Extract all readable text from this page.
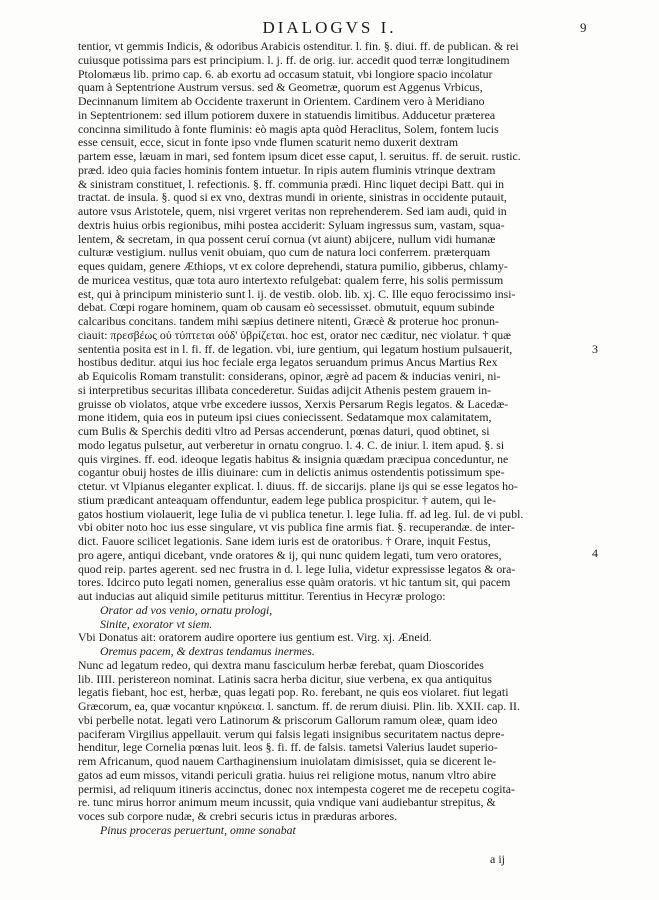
DIALOGVS I.	9
tentior, vt gemmis Indicis, & odoribus Arabicis ostenditur. l. fin. §. diui. ff. de publican. & rei
cuiusque potissima pars est principium. l. j. ff. de orig. iur. accedit quod terræ longitudinem
Ptolomæus lib. primo cap. 6. ab exortu ad occasum statuit, vbi longiore spacio incolatur
quam à Septentrione Austrum versus. sed & Geometræ, quorum est Aggenus Vrbicus,
Decinnanum limitem ab Occidente traxerunt in Orientem. Cardinem vero à Meridiano
in Septentrionem: sed illum potiorem duxere in statuendis limitibus. Adducetur præterea
concinna similitudo à fonte fluminis: eò magis apta quòd Heraclitus, Solem, fontem lucis
esse censuit, ecce, sicut in fonte ipso vnde flumen scaturit nemo duxerit dextram
partem esse, læuam in mari, sed fontem ipsum dicet esse caput, l. seruitus. ff. de seruit. rustic.
præd. ideo quia facies hominis fontem intuetur. In ripis autem fluminis vtrinque dextram
& sinistram constituet, l. refectionis. §. ff. communia prædi. Hinc liquet decipi Batt. qui in
tractat. de insula. §. quod si ex vno, dextras mundi in oriente, sinistras in occidente putauit,
autore vsus Aristotele, quem, nisi vrgeret veritas non reprehenderem. Sed iam audi, quid in
dextris huius orbis regionibus, mihi postea acciderit: Syluam ingressus sum, vastam, squa-
lentem, & secretam, in qua possent ceruí cornua (vt aiunt) abijcere, nullum vidi humanæ
culturæ vestigium. nullus venit obuiam, quo cum de natura loci conferrem. præterquam
eques quidam, genere Æthiops, vt ex colore deprehendi, statura pumilio, gibberus, chlamy-
de muricea vestitus, quæ tota auro intertexto refulgebat: qualem ferre, his solis permissum
est, qui à principum ministerio sunt l. ij. de vestib. olob. lib. xj. C. Ille equo ferocissimo insi-
debat. Cœpi rogare hominem, quam ob causam eò secessisset. obmutuit, equum subinde
calcaribus concitans. tandem mihi sæpius detinere nitenti, Græcè & proterue hoc pronun-
ciauit: πρεσβέως οὐ τύπτεται οὐδ' ὑβρίζεται. hoc est, orator nec cæditur, nec violatur. † quæ
sententia posita est in l. fi. ff. de legation. vbi, iure gentium, qui legatum hostium pulsauerit,
hostibus deditur. atqui ius hoc feciale erga legatos seruandum primus Ancus Martius Rex
ab Equicolis Romam transtulit: considerans, opinor, ægrè ad pacem & inducias veniri, ni-
si interpretibus securitas illibata concederetur. Suidas adijcit Athenis pestem grauem in-
gruisse ob violatos, atque vrbe excedere iussos, Xerxis Persarum Regis legatos. & Lacedæ-
mone itidem, quia eos in puteum ipsi ciues coniecissent. Sedatamque mox calamitatem,
cum Bulis & Sperchis dediti vltro ad Persas accenderunt, pœnas daturi, quod obtinet, si
modo legatus pulsetur, aut verberetur in ornatu congruo. l. 4. C. de iniur. l. item apud. §. si
quis virgines. ff. eod. ideoque legatis habitus & insignia quædam præcipua conceduntur, ne
cogantur obuij hostes de illis diuinare: cum in delictis animus ostendentis potissimum spe-
ctetur. vt Vlpianus eleganter explicat. l. diuus. ff. de siccarijs. plane ijs qui se esse legatos ho-
stium prædicant anteaquam offenduntur, eadem lege publica prospicitur. † autem, qui le-
gatos hostium violauerit, lege Iulia de vi publica tenetur. l. lege Iulia. ff. ad leg. Iul. de vi publ.
vbi obiter noto hoc ius esse singulare, vt vis publica fine armis fiat. §. recuperandæ. de inter-
dict. Fauore scilicet legationis. Sane idem iuris est de oratoribus. † Orare, inquit Festus,
pro agere, antiqui dicebant, vnde oratores & ij, qui nunc quidem legati, tum vero oratores,
quod reip. partes agerent. sed nec frustra in d. l. lege Iulia, videtur expressisse legatos & ora-
tores. Idcirco puto legati nomen, generalius esse quàm oratoris. vt hic tantum sit, qui pacem
aut inducias aut aliquid simile petiturus mittitur. Terentius in Hecyræ prologo:
Orator ad vos venio, ornatu prologi,
Sinite, exorator vt siem.
Vbi Donatus ait: oratorem audire oportere ius gentium est. Virg. xj. Æneid.
Oremus pacem, & dextras tendamus inermes.
Nunc ad legatum redeo, qui dextra manu fasciculum herbæ ferebat, quam Dioscorides
lib. IIII. peristereon nominat. Latinis sacra herba dicitur, siue verbena, ex qua antiquitus
legatis fiebant, hoc est, herbæ, quas legati pop. Ro. ferebant, ne quis eos violaret. fiut legati
Græcorum, ea, quæ vocantur κηρύκεια. l. sanctum. ff. de rerum diuisi. Plin. lib. XXII. cap. II.
vbi perbelle notat. legati vero Latinorum & priscorum Gallorum ramum oleæ, quam ideo
paciferam Virgilius appellauit. verum qui falsis legati insignibus securitatem nactus depre-
henditur, lege Cornelia pœnas luit. leos §. fi. ff. de falsis. tametsi Valerius laudet superio-
rem Africanum, quod nauem Carthaginensium inuiolatam dimisisset, quia se dicerent le-
gatos ad eum missos, vitandi periculi gratia. huius rei religione motus, nanum vltro abire
permisi, ad reliquum itineris accinctus, donec nox intempesta cogeret me de recepetu cogita-
re. tunc mirus horror animum meum incussit, quia vndique vani audiebantur strepitus, &
voces sub corpore nudæ, & crebri securis ictus in præduras arbores.
Pinus proceras peruertunt, omne sonabat
3
4
a ij
